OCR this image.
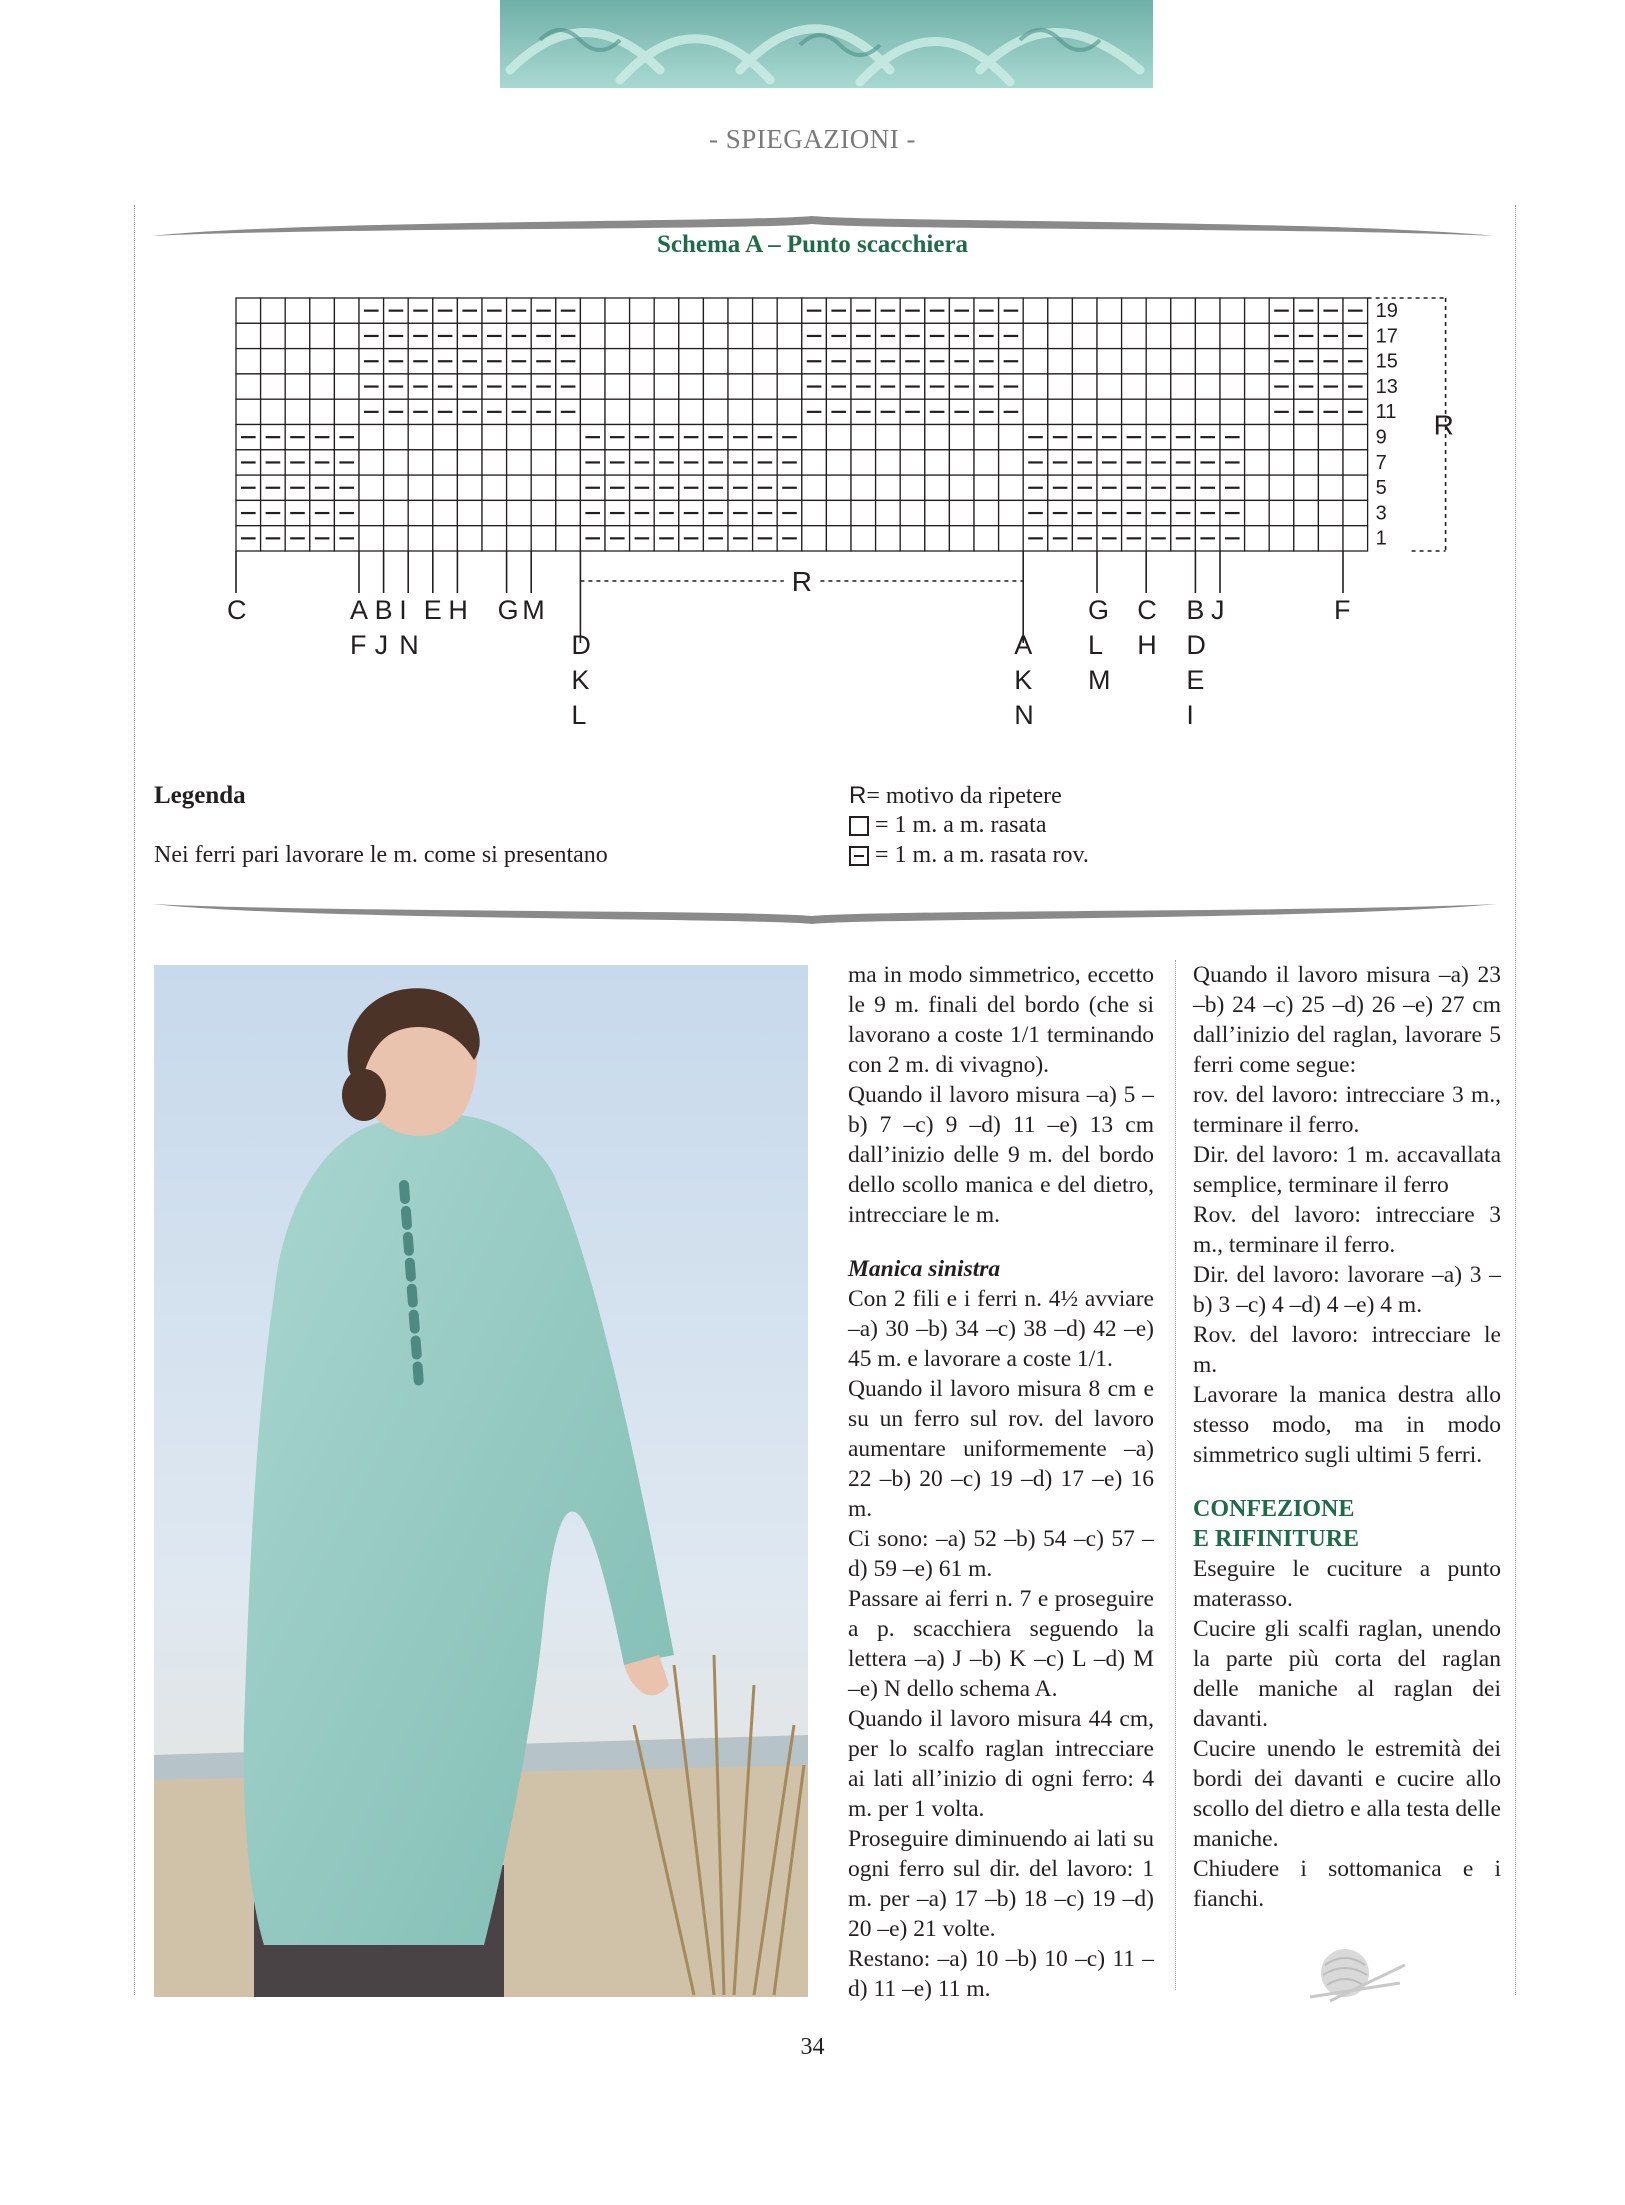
- SPIEGAZIONI -
Schema A – Punto scacchiera
19
17
15
13
11
9
7
5
3
1
C	A
F
B
J
I
N
E H G M
D
K
L
A
K
N
G
L
M
C
H
B
D
E
I
J	F
R
R
Legenda
Nei ferri pari lavorare le m. come si presentano
R = motivo da ripetere
= 1 m. a m. rasata
= 1 m. a m. rasata rov.

ma in modo simmetrico, eccetto le 9 m. finali del bordo (che si lavorano a coste 1/1 terminando con 2 m. di vivagno).

Quando il lavoro misura –a) 5 –b) 7 –c) 9 –d) 11 –e) 13 cm dall’inizio delle 9 m. del bordo dello scollo manica e del dietro, intrecciare le m.

Manica sinistra

Con 2 fili e i ferri n. 4½ avviare –a) 30 –b) 34 –c) 38 –d) 42 –e) 45 m. e lavorare a coste 1/1.

Quando il lavoro misura 8 cm e su un ferro sul rov. del lavoro aumentare uniformemente –a) 22 –b) 20 –c) 19 –d) 17 –e) 16 m.

Ci sono: –a) 52 –b) 54 –c) 57 –d) 59 –e) 61 m.

Passare ai ferri n. 7 e proseguire a p. scacchiera seguendo la lettera –a) J –b) K –c) L –d) M –e) N dello schema A.

Quando il lavoro misura 44 cm, per lo scalfo raglan intrecciare ai lati all’inizio di ogni ferro: 4 m. per 1 volta.

Proseguire diminuendo ai lati su ogni ferro sul dir. del lavoro: 1 m. per –a) 17 –b) 18 –c) 19 –d) 20 –e) 21 volte.

Restano: –a) 10 –b) 10 –c) 11 –d) 11 –e) 11 m.

Quando il lavoro misura –a) 23 –b) 24 –c) 25 –d) 26 –e) 27 cm dall’inizio del raglan, lavorare 5 ferri come segue:

rov. del lavoro: intrecciare 3 m., terminare il ferro.

Dir. del lavoro: 1 m. accavallata semplice, terminare il ferro

Rov. del lavoro: intrecciare 3 m., terminare il ferro.

Dir. del lavoro: lavorare –a) 3 –b) 3 –c) 4 –d) 4 –e) 4 m.

Rov. del lavoro: intrecciare le m.

Lavorare la manica destra allo stesso modo, ma in modo simmetrico sugli ultimi 5 ferri.

CONFEZIONE

E RIFINITURE

Eseguire le cuciture a punto materasso.

Cucire gli scalfi raglan, unendo la parte più corta del raglan delle maniche al raglan dei davanti.

Cucire unendo le estremità dei bordi dei davanti e cucire allo scollo del dietro e alla testa delle maniche.

Chiudere i sottomanica e i fianchi.

34
